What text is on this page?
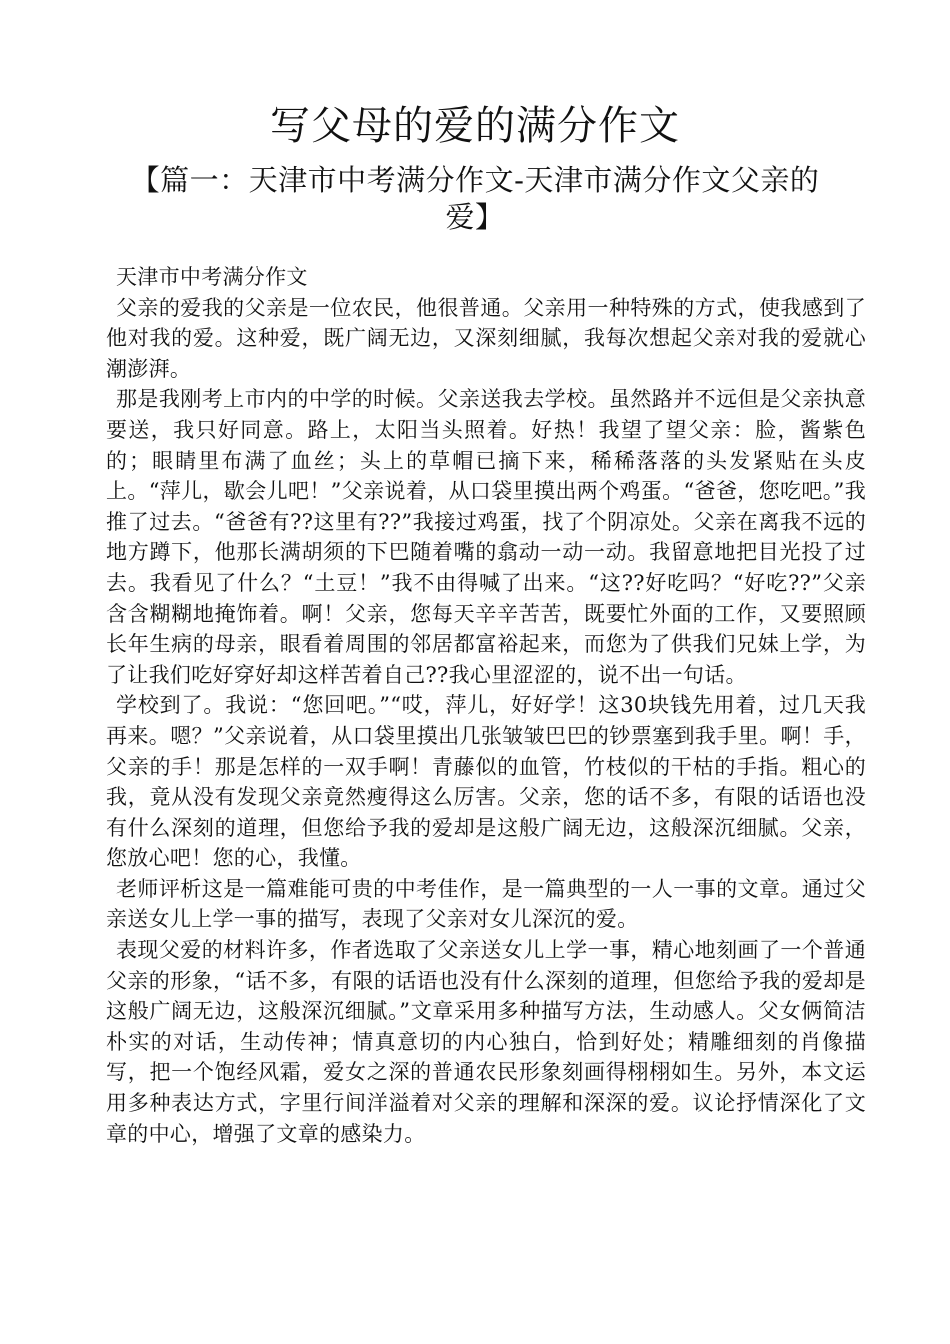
写父母的爱的满分作文
【篇一：天津市中考满分作文-天津市满分作文父亲的爱】

天津市中考满分作文

父亲的爱我的父亲是一位农民，他很普通。父亲用一种特殊的方式，使我感到了他对我的爱。这种爱，既广阔无边，又深刻细腻，我每次想起父亲对我的爱就心潮澎湃。

那是我刚考上市内的中学的时候。父亲送我去学校。虽然路并不远但是父亲执意要送，我只好同意。路上，太阳当头照着。好热！我望了望父亲：脸，酱紫色的；眼睛里布满了血丝；头上的草帽已摘下来，稀稀落落的头发紧贴在头皮上。“萍儿，歇会儿吧！”父亲说着，从口袋里摸出两个鸡蛋。“爸爸，您吃吧。”我推了过去。“爸爸有??这里有??”我接过鸡蛋，找了个阴凉处。父亲在离我不远的地方蹲下，他那长满胡须的下巴随着嘴的翕动一动一动。我留意地把目光投了过去。我看见了什么？“土豆！”我不由得喊了出来。“这??好吃吗？“好吃??”父亲含含糊糊地掩饰着。啊！父亲，您每天辛辛苦苦，既要忙外面的工作，又要照顾长年生病的母亲，眼看着周围的邻居都富裕起来，而您为了供我们兄妹上学，为了让我们吃好穿好却这样苦着自己??我心里涩涩的，说不出一句话。

学校到了。我说：“您回吧。”“哎，萍儿，好好学！这30块钱先用着，过几天我再来。嗯？”父亲说着，从口袋里摸出几张皱皱巴巴的钞票塞到我手里。啊！手，父亲的手！那是怎样的一双手啊！青藤似的血管，竹枝似的干枯的手指。粗心的我，竟从没有发现父亲竟然瘦得这么厉害。父亲，您的话不多，有限的话语也没有什么深刻的道理，但您给予我的爱却是这般广阔无边，这般深沉细腻。父亲，您放心吧！您的心，我懂。

老师评析这是一篇难能可贵的中考佳作，是一篇典型的一人一事的文章。通过父亲送女儿上学一事的描写，表现了父亲对女儿深沉的爱。

表现父爱的材料许多，作者选取了父亲送女儿上学一事，精心地刻画了一个普通父亲的形象，“话不多，有限的话语也没有什么深刻的道理，但您给予我的爱却是这般广阔无边，这般深沉细腻。”文章采用多种描写方法，生动感人。父女俩简洁朴实的对话，生动传神；情真意切的内心独白，恰到好处；精雕细刻的肖像描写，把一个饱经风霜，爱女之深的普通农民形象刻画得栩栩如生。另外，本文运用多种表达方式，字里行间洋溢着对父亲的理解和深深的爱。议论抒情深化了文章的中心，增强了文章的感染力。
